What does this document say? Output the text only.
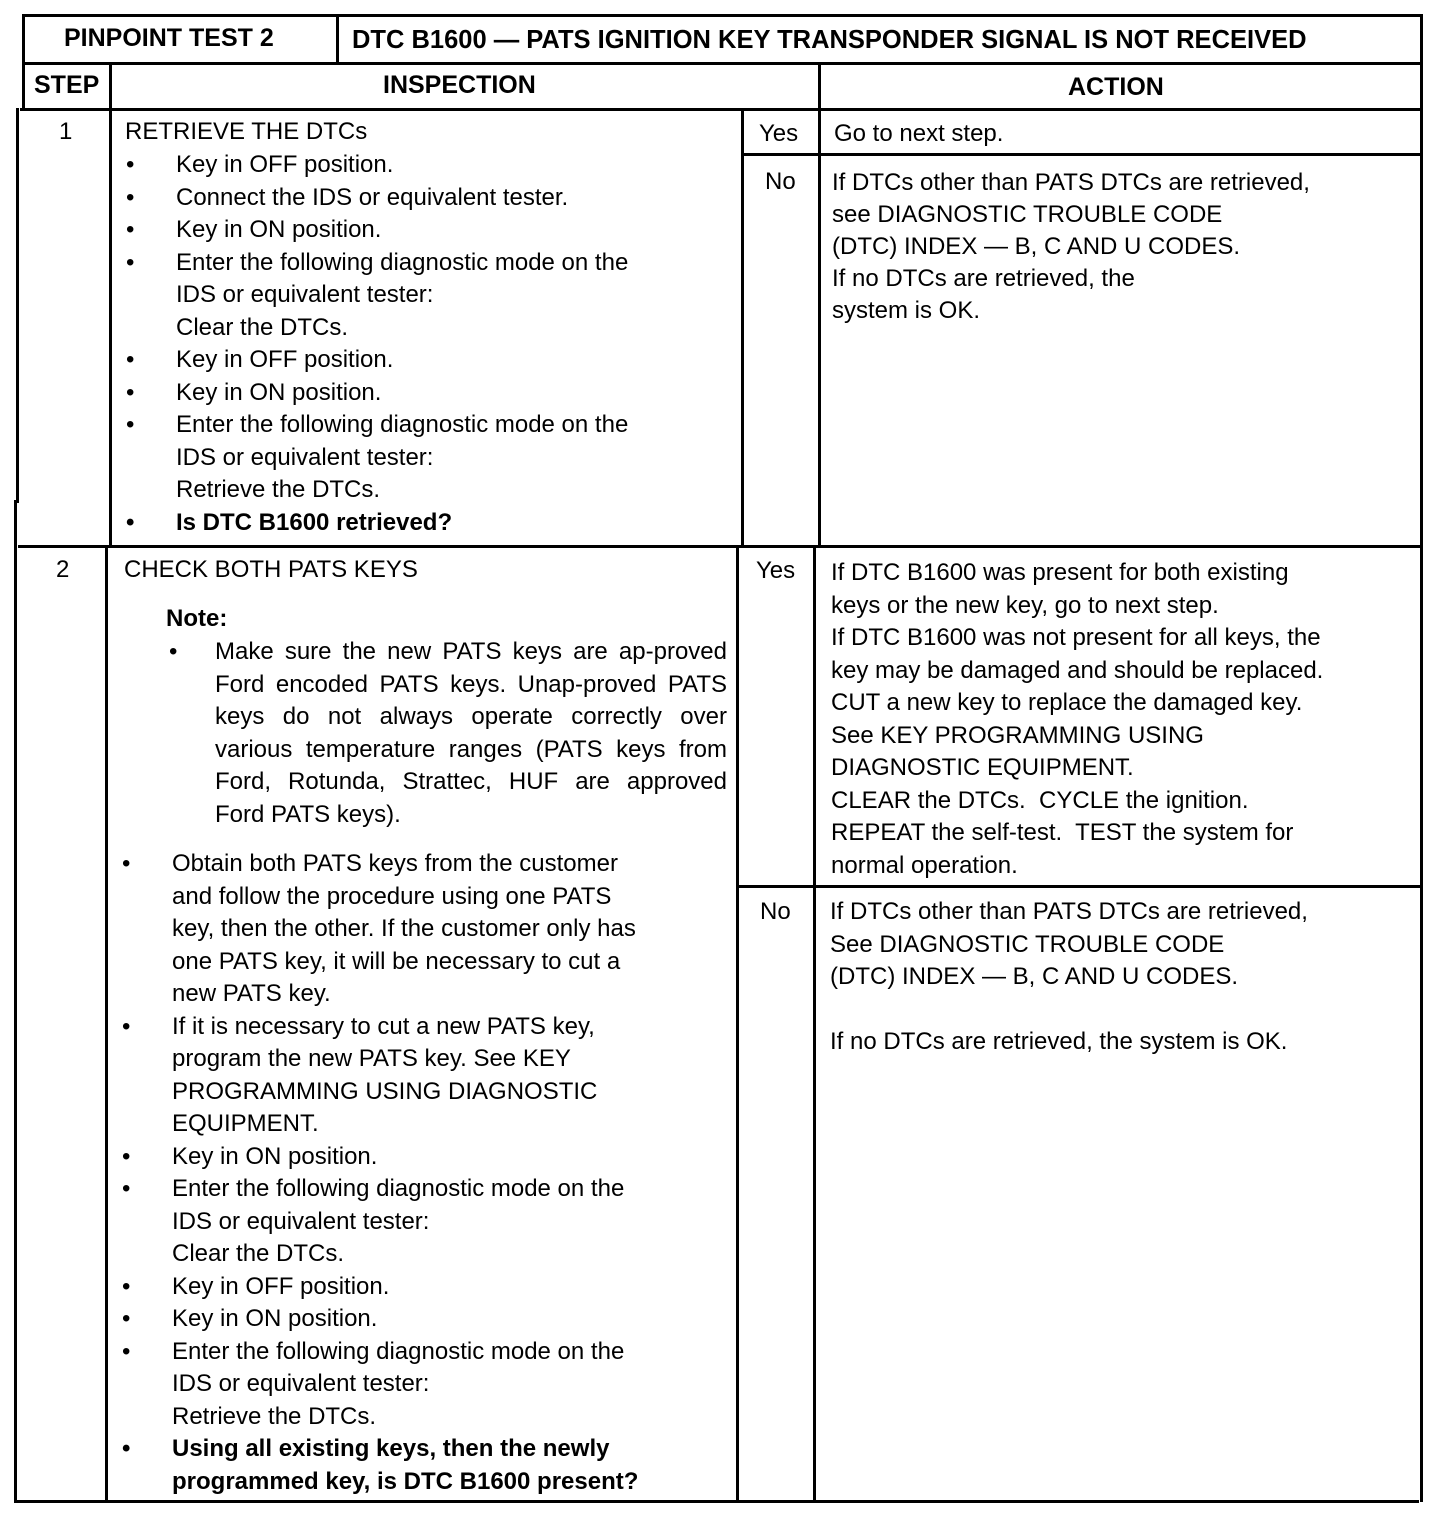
PINPOINT TEST 2	DTC B1600 — PATS IGNITION KEY TRANSPONDER SIGNAL IS NOT RECEIVED
STEP	INSPECTION	ACTION
1 RETRIEVE THE DTCs
• Key in OFF position.
• Connect the IDS or equivalent tester.
• Key in ON position.
• Enter the following diagnostic mode on the
IDS or equivalent tester:
Clear the DTCs.
• Key in OFF position.
• Key in ON position.
• Enter the following diagnostic mode on the
IDS or equivalent tester:
Retrieve the DTCs.
• Is DTC B1600 retrieved?
Yes Go to next step.
No If DTCs other than PATS DTCs are retrieved,
see DIAGNOSTIC TROUBLE CODE
(DTC) INDEX — B, C AND U CODES.
If no DTCs are retrieved, the
system is OK.
2 CHECK BOTH PATS KEYS
Note:
• Make sure the new PATS keys are ap-proved Ford encoded PATS keys. Unap-proved PATS keys do not always operate correctly over various temperature ranges (PATS keys from Ford, Rotunda, Strattec, HUF are approved Ford PATS keys).
• Obtain both PATS keys from the customer
and follow the procedure using one PATS
key, then the other. If the customer only has
one PATS key, it will be necessary to cut a
new PATS key.
• If it is necessary to cut a new PATS key,
program the new PATS key. See KEY
PROGRAMMING USING DIAGNOSTIC
EQUIPMENT.
• Key in ON position.
• Enter the following diagnostic mode on the
IDS or equivalent tester:
Clear the DTCs.
• Key in OFF position.
• Key in ON position.
• Enter the following diagnostic mode on the
IDS or equivalent tester:
Retrieve the DTCs.
• Using all existing keys, then the newly
programmed key, is DTC B1600 present?
Yes If DTC B1600 was present for both existing
keys or the new key, go to next step.
If DTC B1600 was not present for all keys, the
key may be damaged and should be replaced.
CUT a new key to replace the damaged key.
See KEY PROGRAMMING USING
DIAGNOSTIC EQUIPMENT.
CLEAR the DTCs.  CYCLE the ignition.
REPEAT the self-test.  TEST the system for
normal operation.
No If DTCs other than PATS DTCs are retrieved,
See DIAGNOSTIC TROUBLE CODE
(DTC) INDEX — B, C AND U CODES.

If no DTCs are retrieved, the system is OK.
